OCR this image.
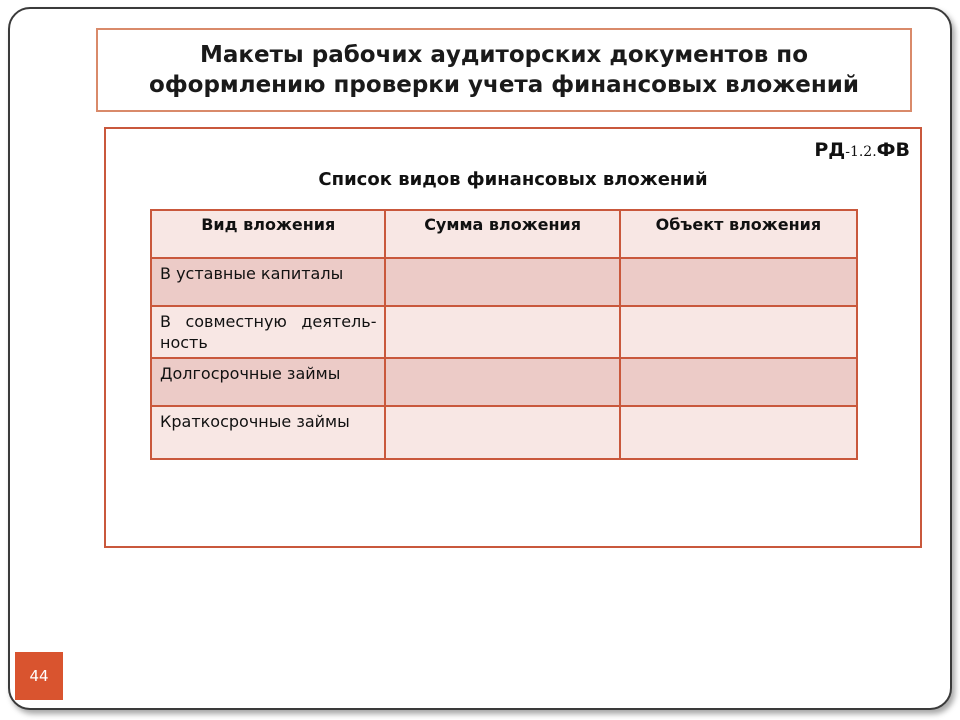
Макеты рабочих аудиторских документов по
оформлению проверки учета финансовых вложений

РД-1.2.ФВ

Список видов финансовых вложений

Вид вложения	Сумма вложения	Объект вложения
В уставные капиталы		
В совместную деятель-ность		
Долгосрочные займы		
Краткосрочные займы		
44
